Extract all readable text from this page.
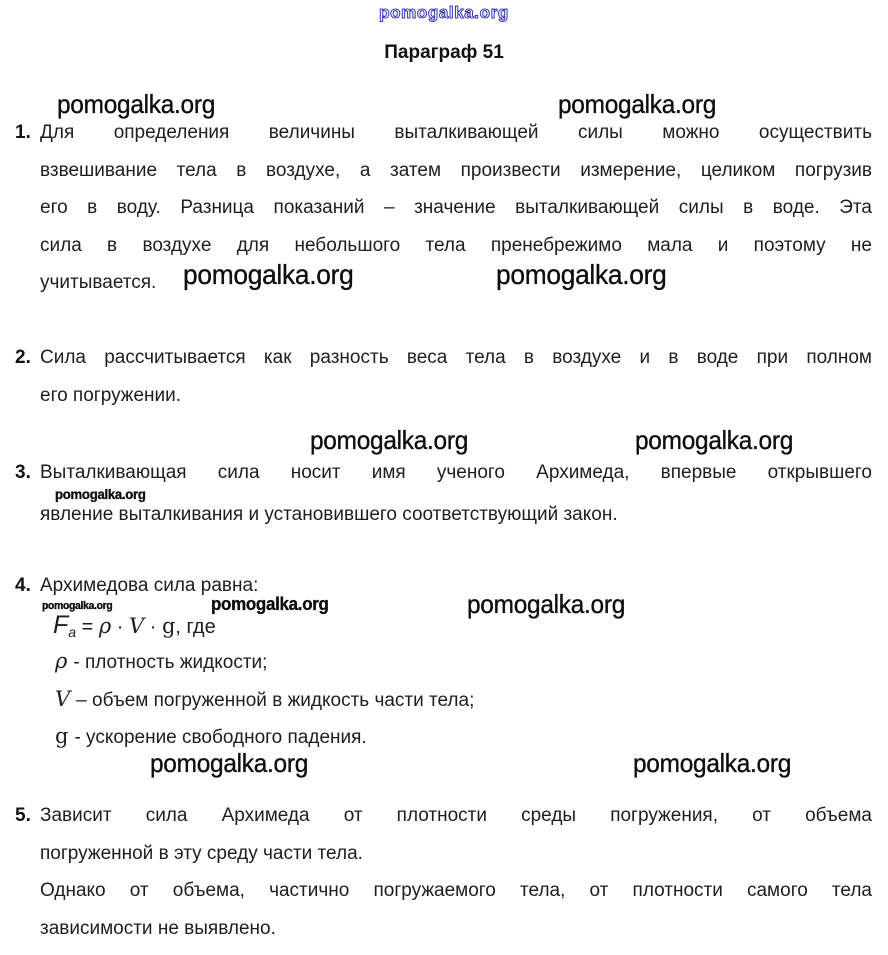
pomogalka.org
Параграф 51
pomogalka.org	pomogalka.org
1. Для определения величины выталкивающей силы можно осуществить
взвешивание тела в воздухе, а затем произвести измерение, целиком погрузив
его в воду. Разница показаний – значение выталкивающей силы в воде. Эта
сила в воздухе для небольшого тела пренебрежимо мала и поэтому не
учитывается. pomogalka.org	pomogalka.org
2. Сила рассчитывается как разность веса тела в воздухе и в воде при полном
его погружении.
pomogalka.org	pomogalka.org
3. Выталкивающая сила носит имя ученого Архимеда, впервые открывшего
pomogalka.org
явление выталкивания и установившего соответствующий закон.
4. Архимедова сила равна:
pomogalka.org	pomogalka.org	pomogalka.org
Fa = ρ · V · g, где
ρ - плотность жидкости;
V – объем погруженной в жидкость части тела;
g - ускорение свободного падения.
pomogalka.org	pomogalka.org
5. Зависит сила Архимеда от плотности среды погружения, от объема
погруженной в эту среду части тела.
Однако от объема, частично погружаемого тела, от плотности самого тела
зависимости не выявлено.
